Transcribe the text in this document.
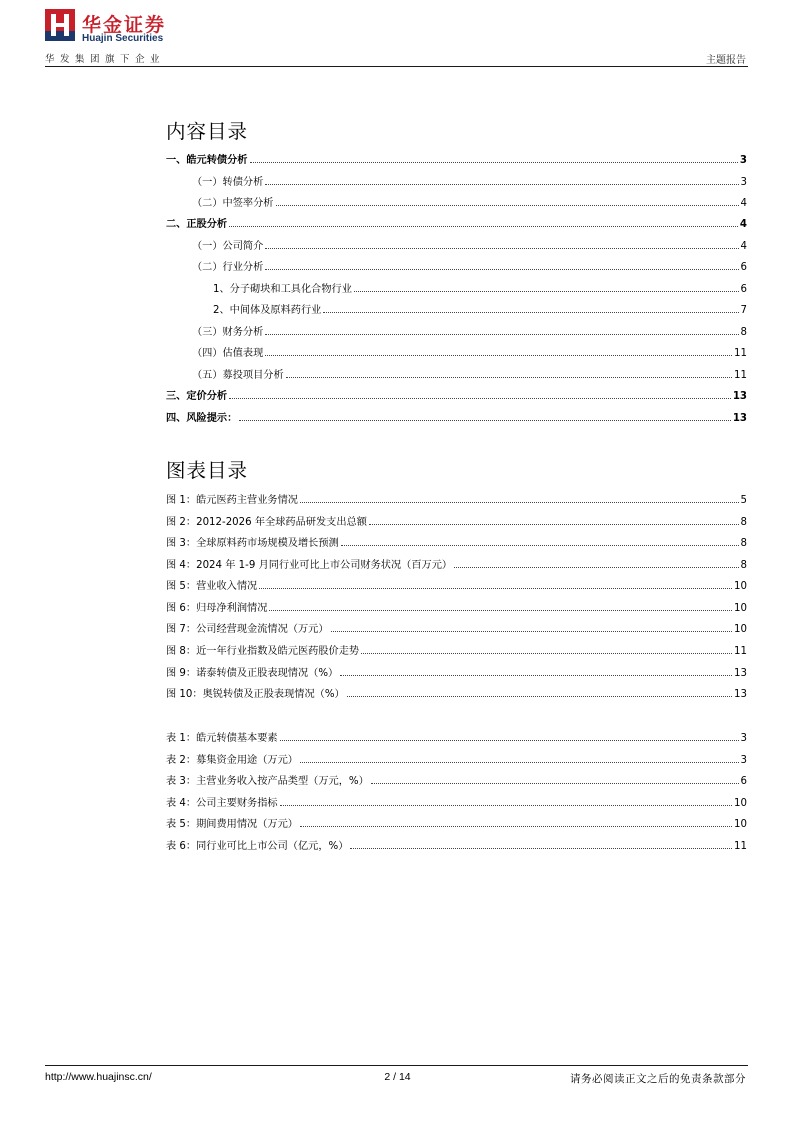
华金证券
Huajin Securities
华发集团旗下企业	主题报告
内容目录
一、皓元转债分析	3
（一）转债分析	3
（二）中签率分析	4
二、正股分析	4
（一）公司简介	4
（二）行业分析	6
1、分子砌块和工具化合物行业	6
2、中间体及原料药行业	7
（三）财务分析	8
（四）估值表现	11
（五）募投项目分析	11
三、定价分析	13
四、风险提示：	13
图表目录
图 1：皓元医药主营业务情况	5
图 2：2012-2026 年全球药品研发支出总额	8
图 3：全球原料药市场规模及增长预测	8
图 4：2024 年 1-9 月同行业可比上市公司财务状况（百万元）	8
图 5：营业收入情况	10
图 6：归母净利润情况	10
图 7：公司经营现金流情况（万元）	10
图 8：近一年行业指数及皓元医药股价走势	11
图 9：诺泰转债及正股表现情况（%）	13
图 10：奥锐转债及正股表现情况（%）	13
表 1：皓元转债基本要素	3
表 2：募集资金用途（万元）	3
表 3：主营业务收入按产品类型（万元，%）	6
表 4：公司主要财务指标	10
表 5：期间费用情况（万元）	10
表 6：同行业可比上市公司（亿元，%）	11
http://www.huajinsc.cn/	2 / 14	请务必阅读正文之后的免责条款部分
